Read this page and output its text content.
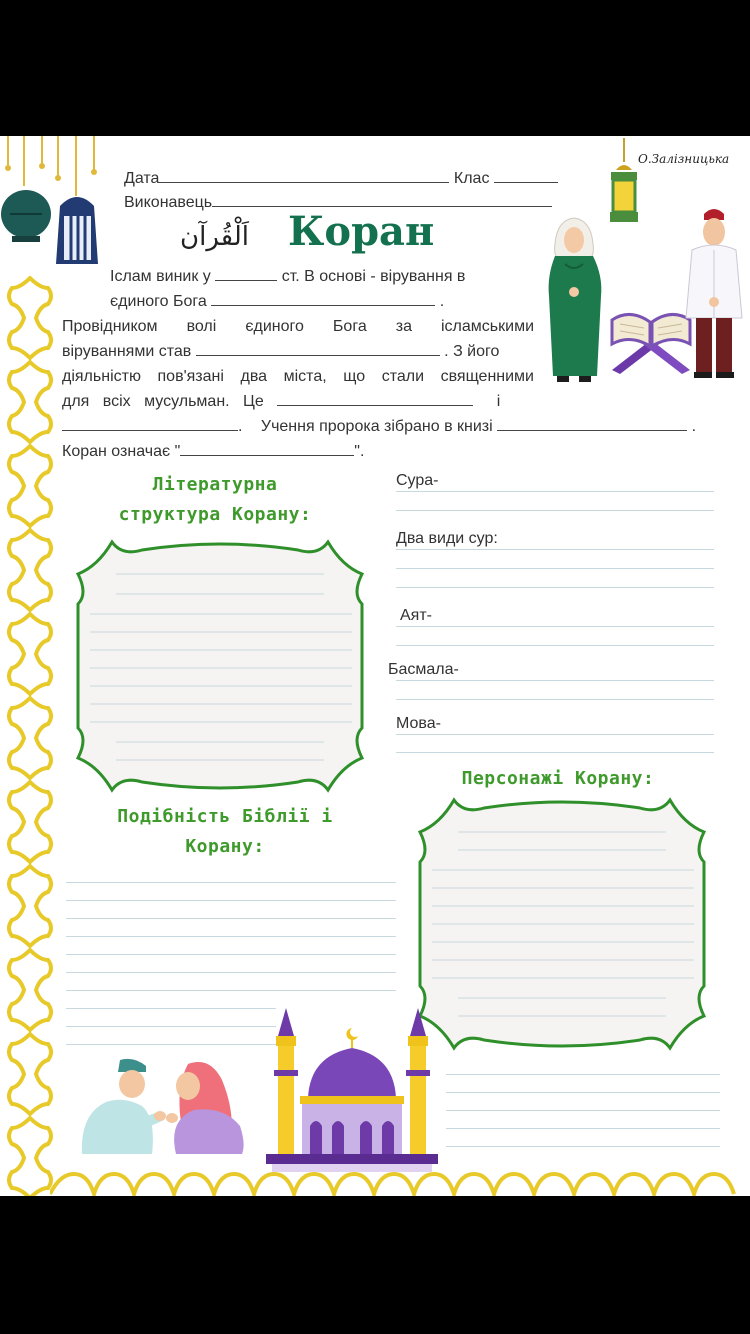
О.Залізницька
Дата	Клас
Виконавець
اَلْقُرآن Коран
Іслам виник у	ст. В основі - вірування в
єдиного Бога	.
Провідником волі єдиного Бога за ісламськими
віруваннями став	. З його
діяльністю пов'язані два міста, що стали священними
для всіх мусульман. Це	і
. Учення пророка зібрано в книзі	.
Коран означає "	".
Літературна структура Корану:
Сура-
Два види сур:
Аят-
Басмала-
Мова-
Персонажі Корану:
Подібність Біблії і Корану:
